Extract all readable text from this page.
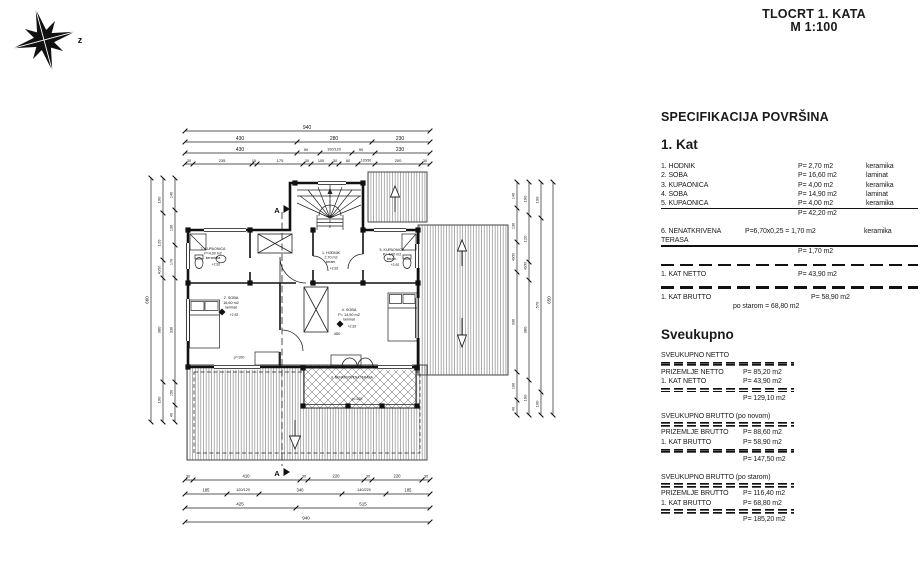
940
430	280	230
430	90	100/120	90	230
30	235	15	175	30 100 30 80	120/30	200	30
30	410	30	220	30	220	30
185	120/120	340	140/220	185
425	515
940
660
190
120
40/30
380
190
140
130
170
330
150
40
140
130
40/30
330
100
40
190
120
40/30
380
190
190
570
190
650
3. KUPAONICA
P=4,00 m2
keramika
+2,92
1. HODNIK
2,70 m2
keram.
+2,92
5. KUPAONICA
P= 4,00 m2
keram.
+2,92
2. SOBA
16,60 m2
laminat
+2,92
4. SOBA
P= 14,90 m2
laminat
+2,92
450
p=100
6. NENATKRIVENA TERASA
p=100
A
A
z
TLOCRT 1. KATA
M 1:100
SPECIFIKACIJA POVRŠINA
1. Kat
1. HODNIK	P= 2,70 m2	keramika
2. SOBA	P= 16,60 m2	laminat
3. KUPAONICA	P= 4,00 m2	keramika
4. SOBA	P= 14,90 m2	laminat
5. KUPAONICA	P= 4,00 m2	keramika
P= 42,20 m2
6. NENATKRIVENA TERASA
P=6,70x0,25 = 1,70 m2	keramika
P= 1,70 m2
1. KAT NETTO	P= 43,90 m2
1. KAT BRUTTO	P= 58,90 m2
po starom = 68,80 m2
Sveukupno
SVEUKUPNO NETTO
PRIZEMLJE NETTO	P= 85,20 m2
1. KAT NETTO	P= 43,90 m2
P= 129,10 m2
SVEUKUPNO BRUTTO (po novom)
PRIZEMLJE BRUTTO	P= 88,60 m2
1. KAT BRUTTO	P= 58,90 m2
P= 147,50 m2
SVEUKUPNO BRUTTO (po starom)
PRIZEMLJE BRUTTO	P= 116,40 m2
1. KAT BRUTTO	P= 68,80 m2
P= 185,20 m2
